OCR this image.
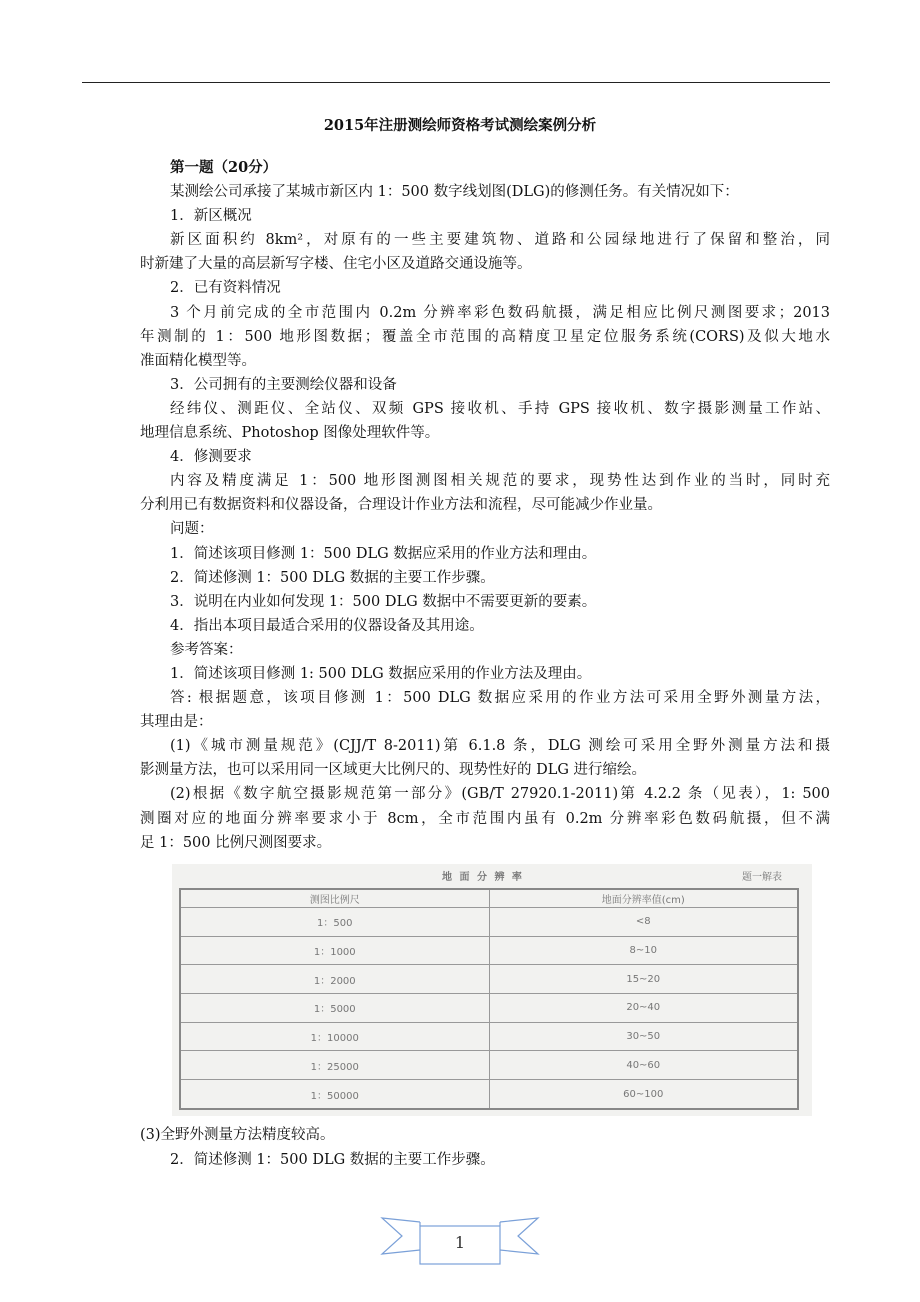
2015年注册测绘师资格考试测绘案例分析
第一题（20分）
某测绘公司承接了某城市新区内 1：500 数字线划图(DLG)的修测任务。有关情况如下：
1．新区概况
新区面积约 8km²，对原有的一些主要建筑物、道路和公园绿地进行了保留和整治，同
时新建了大量的高层新写字楼、住宅小区及道路交通设施等。
2．已有资料情况
3 个月前完成的全市范围内 0.2m 分辨率彩色数码航摄，满足相应比例尺测图要求；2013
年测制的 1：500 地形图数据；覆盖全市范围的高精度卫星定位服务系统(CORS)及似大地水
准面精化模型等。
3．公司拥有的主要测绘仪器和设备
经纬仪、测距仪、全站仪、双频 GPS 接收机、手持 GPS 接收机、数字摄影测量工作站、
地理信息系统、Photoshop 图像处理软件等。
4．修测要求
内容及精度满足 1：500 地形图测图相关规范的要求，现势性达到作业的当时，同时充
分利用已有数据资料和仪器设备，合理设计作业方法和流程，尽可能减少作业量。
问题：
1．简述该项目修测 1：500 DLG 数据应采用的作业方法和理由。
2．简述修测 1：500 DLG 数据的主要工作步骤。
3．说明在内业如何发现 1：500 DLG 数据中不需要更新的要素。
4．指出本项目最适合采用的仪器设备及其用途。
参考答案：
1．简述该项目修测 1: 500 DLG 数据应采用的作业方法及理由。
答: 根据题意，该项目修测 1：500 DLG 数据应采用的作业方法可采用全野外测量方法，
其理由是：
(1)《城市测量规范》(CJJ/T 8-2011)第 6.1.8 条，DLG 测绘可采用全野外测量方法和摄
影测量方法，也可以采用同一区域更大比例尺的、现势性好的 DLG 进行缩绘。
(2)根据《数字航空摄影规范第一部分》(GB/T 27920.1-2011)第 4.2.2 条（见表），1: 500
测圈对应的地面分辨率要求小于 8cm，全市范围内虽有 0.2m 分辨率彩色数码航摄，但不满
足 1：500 比例尺测图要求。
地 面 分 辨 率	题一解表
测图比例尺	地面分辨率值(cm)
1：500	<8
1：1000	8~10
1：2000	15~20
1：5000	20~40
1：10000	30~50
1：25000	40~60
1：50000	60~100
(3)全野外测量方法精度较高。
2．简述修测 1：500 DLG 数据的主要工作步骤。
1
